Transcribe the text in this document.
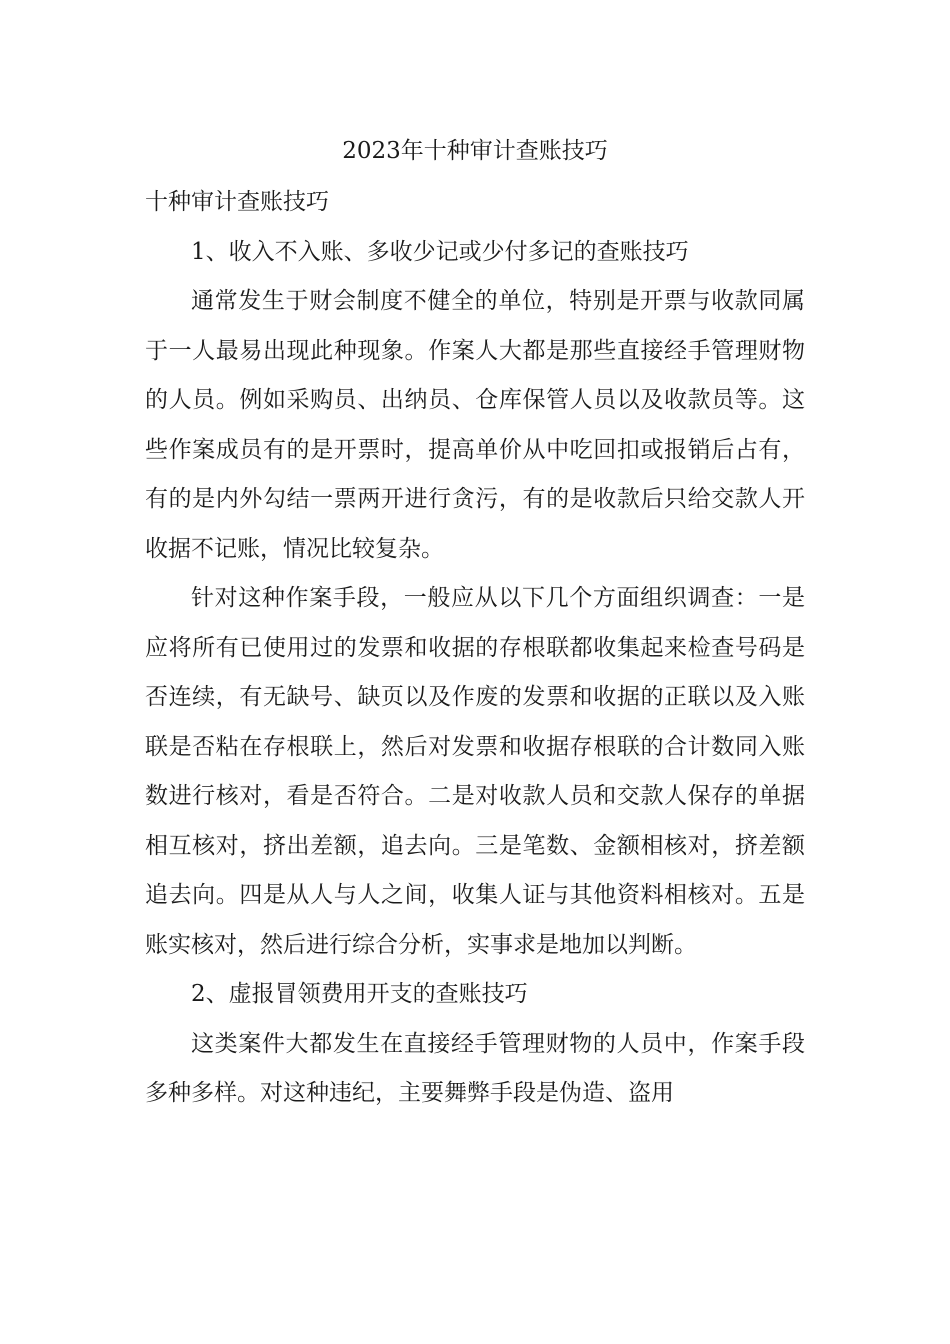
2023年十种审计查账技巧

十种审计查账技巧

1、收入不入账、多收少记或少付多记的查账技巧

通常发生于财会制度不健全的单位，特别是开票与收款同属于一人最易出现此种现象。作案人大都是那些直接经手管理财物的人员。例如采购员、出纳员、仓库保管人员以及收款员等。这些作案成员有的是开票时，提高单价从中吃回扣或报销后占有，有的是内外勾结一票两开进行贪污，有的是收款后只给交款人开收据不记账，情况比较复杂。

针对这种作案手段，一般应从以下几个方面组织调查：一是应将所有已使用过的发票和收据的存根联都收集起来检查号码是否连续，有无缺号、缺页以及作废的发票和收据的正联以及入账联是否粘在存根联上，然后对发票和收据存根联的合计数同入账数进行核对，看是否符合。二是对收款人员和交款人保存的单据相互核对，挤出差额，追去向。三是笔数、金额相核对，挤差额追去向。四是从人与人之间，收集人证与其他资料相核对。五是账实核对，然后进行综合分析，实事求是地加以判断。

2、虚报冒领费用开支的查账技巧

这类案件大都发生在直接经手管理财物的人员中，作案手段多种多样。对这种违纪，主要舞弊手段是伪造、盗用
